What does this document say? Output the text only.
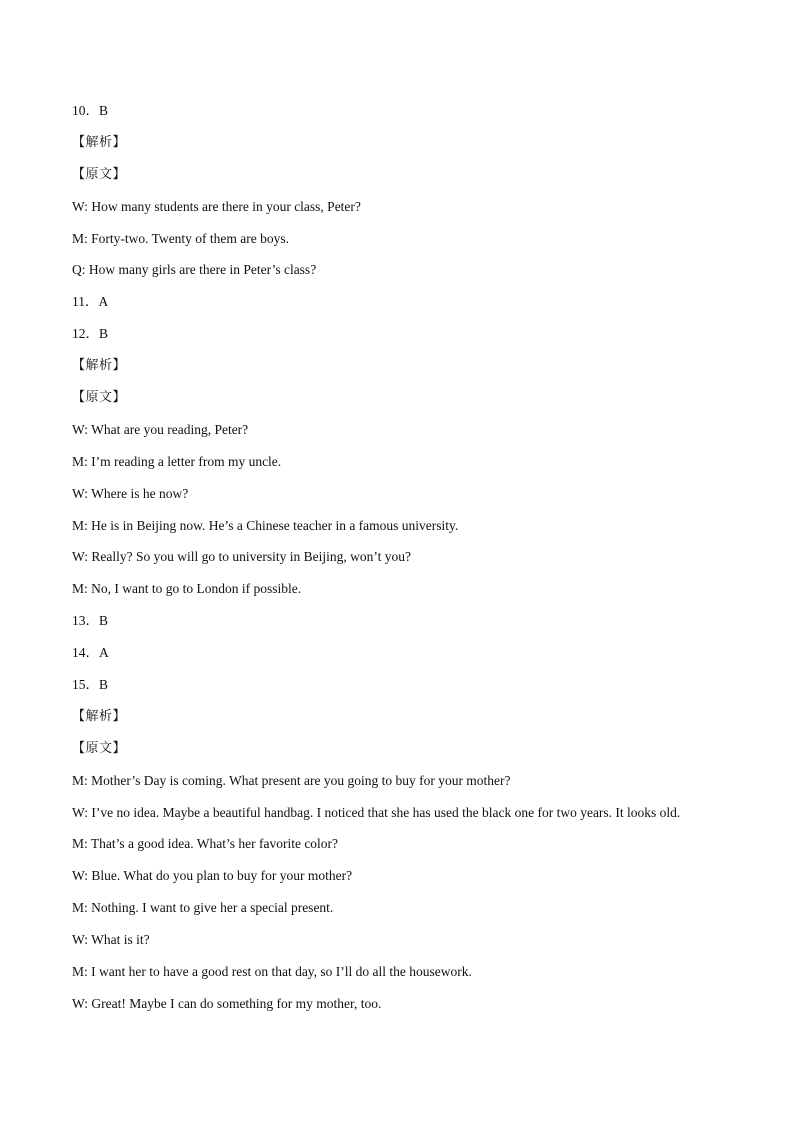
10．B
【解析】
【原文】
W: How many students are there in your class, Peter?
M: Forty-two. Twenty of them are boys.
Q: How many girls are there in Peter’s class?
11．A
12．B
【解析】
【原文】
W: What are you reading, Peter?
M: I’m reading a letter from my uncle.
W: Where is he now?
M: He is in Beijing now. He’s a Chinese teacher in a famous university.
W: Really? So you will go to university in Beijing, won’t you?
M: No, I want to go to London if possible.
13．B
14．A
15．B
【解析】
【原文】
M: Mother’s Day is coming. What present are you going to buy for your mother?
W: I’ve no idea. Maybe a beautiful handbag. I noticed that she has used the black one for two years. It looks old.
M: That’s a good idea. What’s her favorite color?
W: Blue. What do you plan to buy for your mother?
M: Nothing. I want to give her a special present.
W: What is it?
M: I want her to have a good rest on that day, so I’ll do all the housework.
W: Great! Maybe I can do something for my mother, too.
